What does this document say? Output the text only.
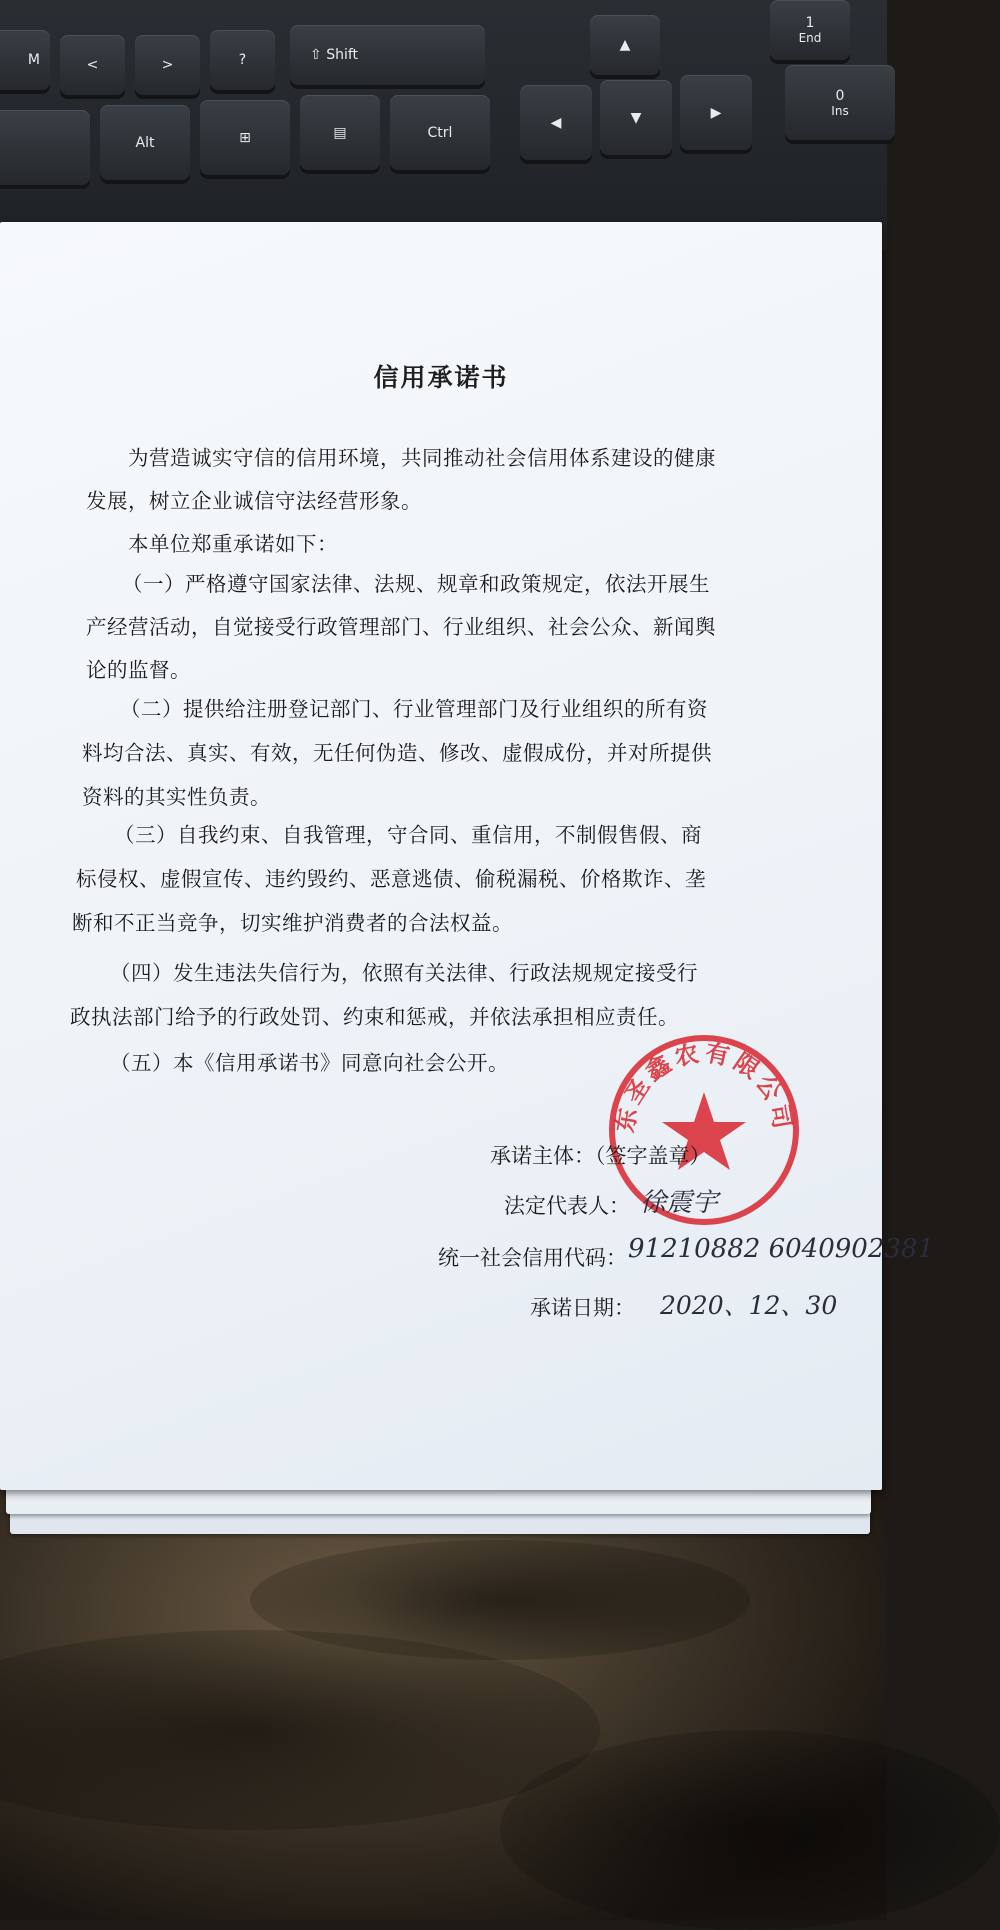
M	<	>	?	⇧ Shift
▲
1
End
0
Ins
Alt	⊞	▤	Ctrl
◀	▼	▶
信用承诺书
为营造诚实守信的信用环境，共同推动社会信用体系建设的健康
发展，树立企业诚信守法经营形象。
本单位郑重承诺如下：
（一）严格遵守国家法律、法规、规章和政策规定，依法开展生
产经营活动，自觉接受行政管理部门、行业组织、社会公众、新闻舆
论的监督。
（二）提供给注册登记部门、行业管理部门及行业组织的所有资
料均合法、真实、有效，无任何伪造、修改、虚假成份，并对所提供
资料的其实性负责。
（三）自我约束、自我管理，守合同、重信用，不制假售假、商
标侵权、虚假宣传、违约毁约、恶意逃债、偷税漏税、价格欺诈、垄
断和不正当竞争，切实维护消费者的合法权益。
（四）发生违法失信行为，依照有关法律、行政法规规定接受行
政执法部门给予的行政处罚、约束和惩戒，并依法承担相应责任。
（五）本《信用承诺书》同意向社会公开。
东圣鑫农有限公司
承诺主体：（签字盖章）
法定代表人： 徐震宇
统一社会信用代码： 91210882 6040902381
承诺日期： 2020、12、30
